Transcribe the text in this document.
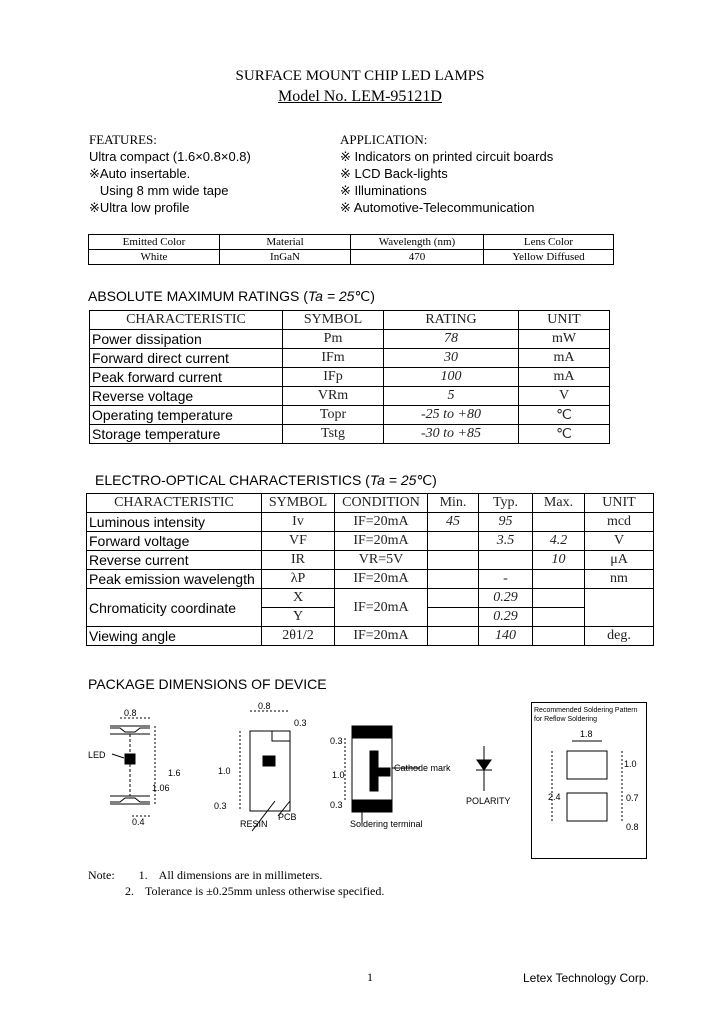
SURFACE MOUNT CHIP LED LAMPS
Model No. LEM-95121D
FEATURES:	APPLICATION:
Ultra compact (1.6×0.8×0.8)
※Auto insertable.
Using 8 mm wide tape
※Ultra low profile
※ Indicators on printed circuit boards
※ LCD Back-lights
※ Illuminations
※ Automotive-Telecommunication
Emitted Color	Material	Wavelength (nm)	Lens Color
White	InGaN	470	Yellow Diffused
ABSOLUTE MAXIMUM RATINGS (Ta = 25℃)
CHARACTERISTIC	SYMBOL	RATING	UNIT
Power dissipation	Pm	78	mW
Forward direct current	IFm	30	mA
Peak forward current	IFp	100	mA
Reverse voltage	VRm	5	V
Operating temperature	Topr	-25 to +80	℃
Storage temperature	Tstg	-30 to +85	℃
ELECTRO-OPTICAL CHARACTERISTICS (Ta = 25℃)
CHARACTERISTIC	SYMBOL	CONDITION	Min.	Typ.	Max.	UNIT
Luminous intensity	Iv	IF=20mA	45	95		mcd
Forward voltage	VF	IF=20mA		3.5	4.2	V
Reverse current	IR	VR=5V			10	μA
Peak emission wavelength	λP	IF=20mA		-		nm
Chromaticity coordinate	X	IF=20mA		0.29		
	Y			0.29		
Viewing angle	2θ1/2	IF=20mA		140		deg.
PACKAGE DIMENSIONS OF DEVICE
0.8
1.6
1.06
0.4
LED
0.8
0.3
1.0
0.3
RESIN
PCB
0.3
1.0
0.3
Cathode mark
Soldering terminal
POLARITY
Recommended Soldering Pattern
for Reflow Soldering
1.8
2.4
1.0
0.7
0.8
Note: 1. All dimensions are in millimeters.
2. Tolerance is ±0.25mm unless otherwise specified.
1	Letex Technology Corp.
